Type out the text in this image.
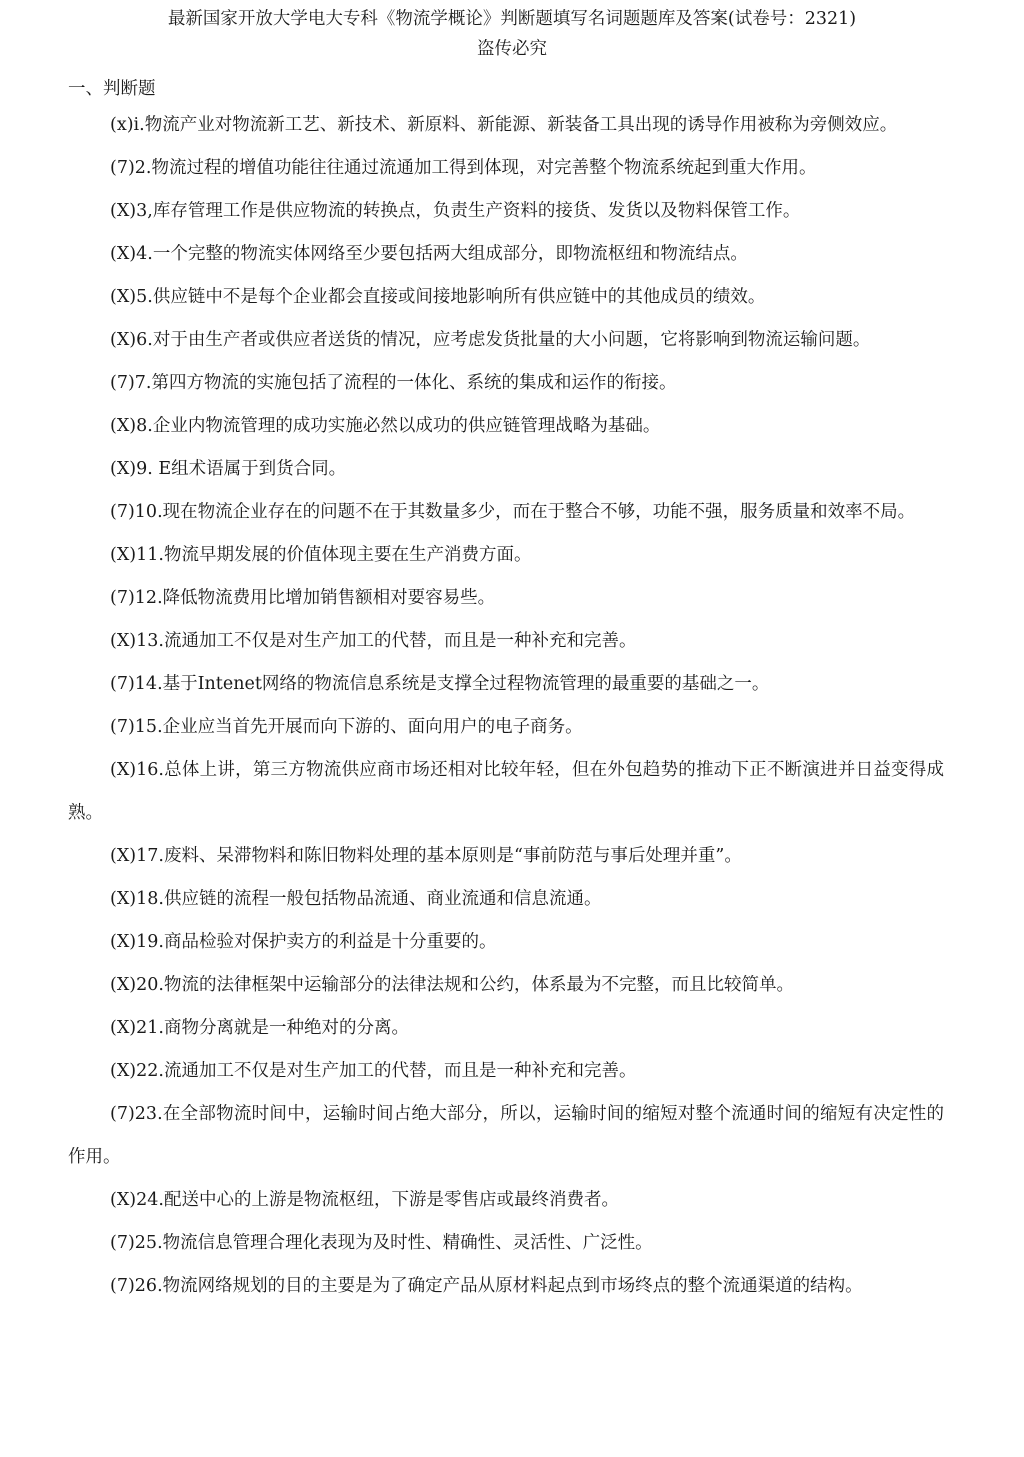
最新国家开放大学电大专科《物流学概论》判断题填写名词题题库及答案(试卷号：2321)

盗传必究

一、判断题

(x)i.物流产业对物流新工艺、新技术、新原料、新能源、新装备工具出现的诱导作用被称为旁侧效应。

(7)2.物流过程的增值功能往往通过流通加工得到体现，对完善整个物流系统起到重大作用。

(X)3,库存管理工作是供应物流的转换点，负责生产资料的接货、发货以及物料保管工作。

(X)4.一个完整的物流实体网络至少要包括两大组成部分，即物流枢纽和物流结点。

(X)5.供应链中不是每个企业都会直接或间接地影响所有供应链中的其他成员的绩效。

(X)6.对于由生产者或供应者送货的情况，应考虑发货批量的大小问题，它将影响到物流运输问题。

(7)7.第四方物流的实施包括了流程的一体化、系统的集成和运作的衔接。

(X)8.企业内物流管理的成功实施必然以成功的供应链管理战略为基础。

(X)9. E组术语属于到货合同。

(7)10.现在物流企业存在的问题不在于其数量多少，而在于整合不够，功能不强，服务质量和效率不局。

(X)11.物流早期发展的价值体现主要在生产消费方面。

(7)12.降低物流费用比增加销售额相对要容易些。

(X)13.流通加工不仅是对生产加工的代替，而且是一种补充和完善。

(7)14.基于Intenet网络的物流信息系统是支撑全过程物流管理的最重要的基础之一。

(7)15.企业应当首先开展而向下游的、面向用户的电子商务。

(X)16.总体上讲，第三方物流供应商市场还相对比较年轻，但在外包趋势的推动下正不断演进并日益变得成熟。

(X)17.废料、呆滞物料和陈旧物料处理的基本原则是“事前防范与事后处理并重”。

(X)18.供应链的流程一般包括物品流通、商业流通和信息流通。

(X)19.商品检验对保护卖方的利益是十分重要的。

(X)20.物流的法律框架中运输部分的法律法规和公约，体系最为不完整，而且比较简单。

(X)21.商物分离就是一种绝对的分离。

(X)22.流通加工不仅是对生产加工的代替，而且是一种补充和完善。

(7)23.在全部物流时间中，运输时间占绝大部分，所以，运输时间的缩短对整个流通时间的缩短有决定性的作用。

(X)24.配送中心的上游是物流枢纽，下游是零售店或最终消费者。

(7)25.物流信息管理合理化表现为及时性、精确性、灵活性、广泛性。

(7)26.物流网络规划的目的主要是为了确定产品从原材料起点到市场终点的整个流通渠道的结构。
